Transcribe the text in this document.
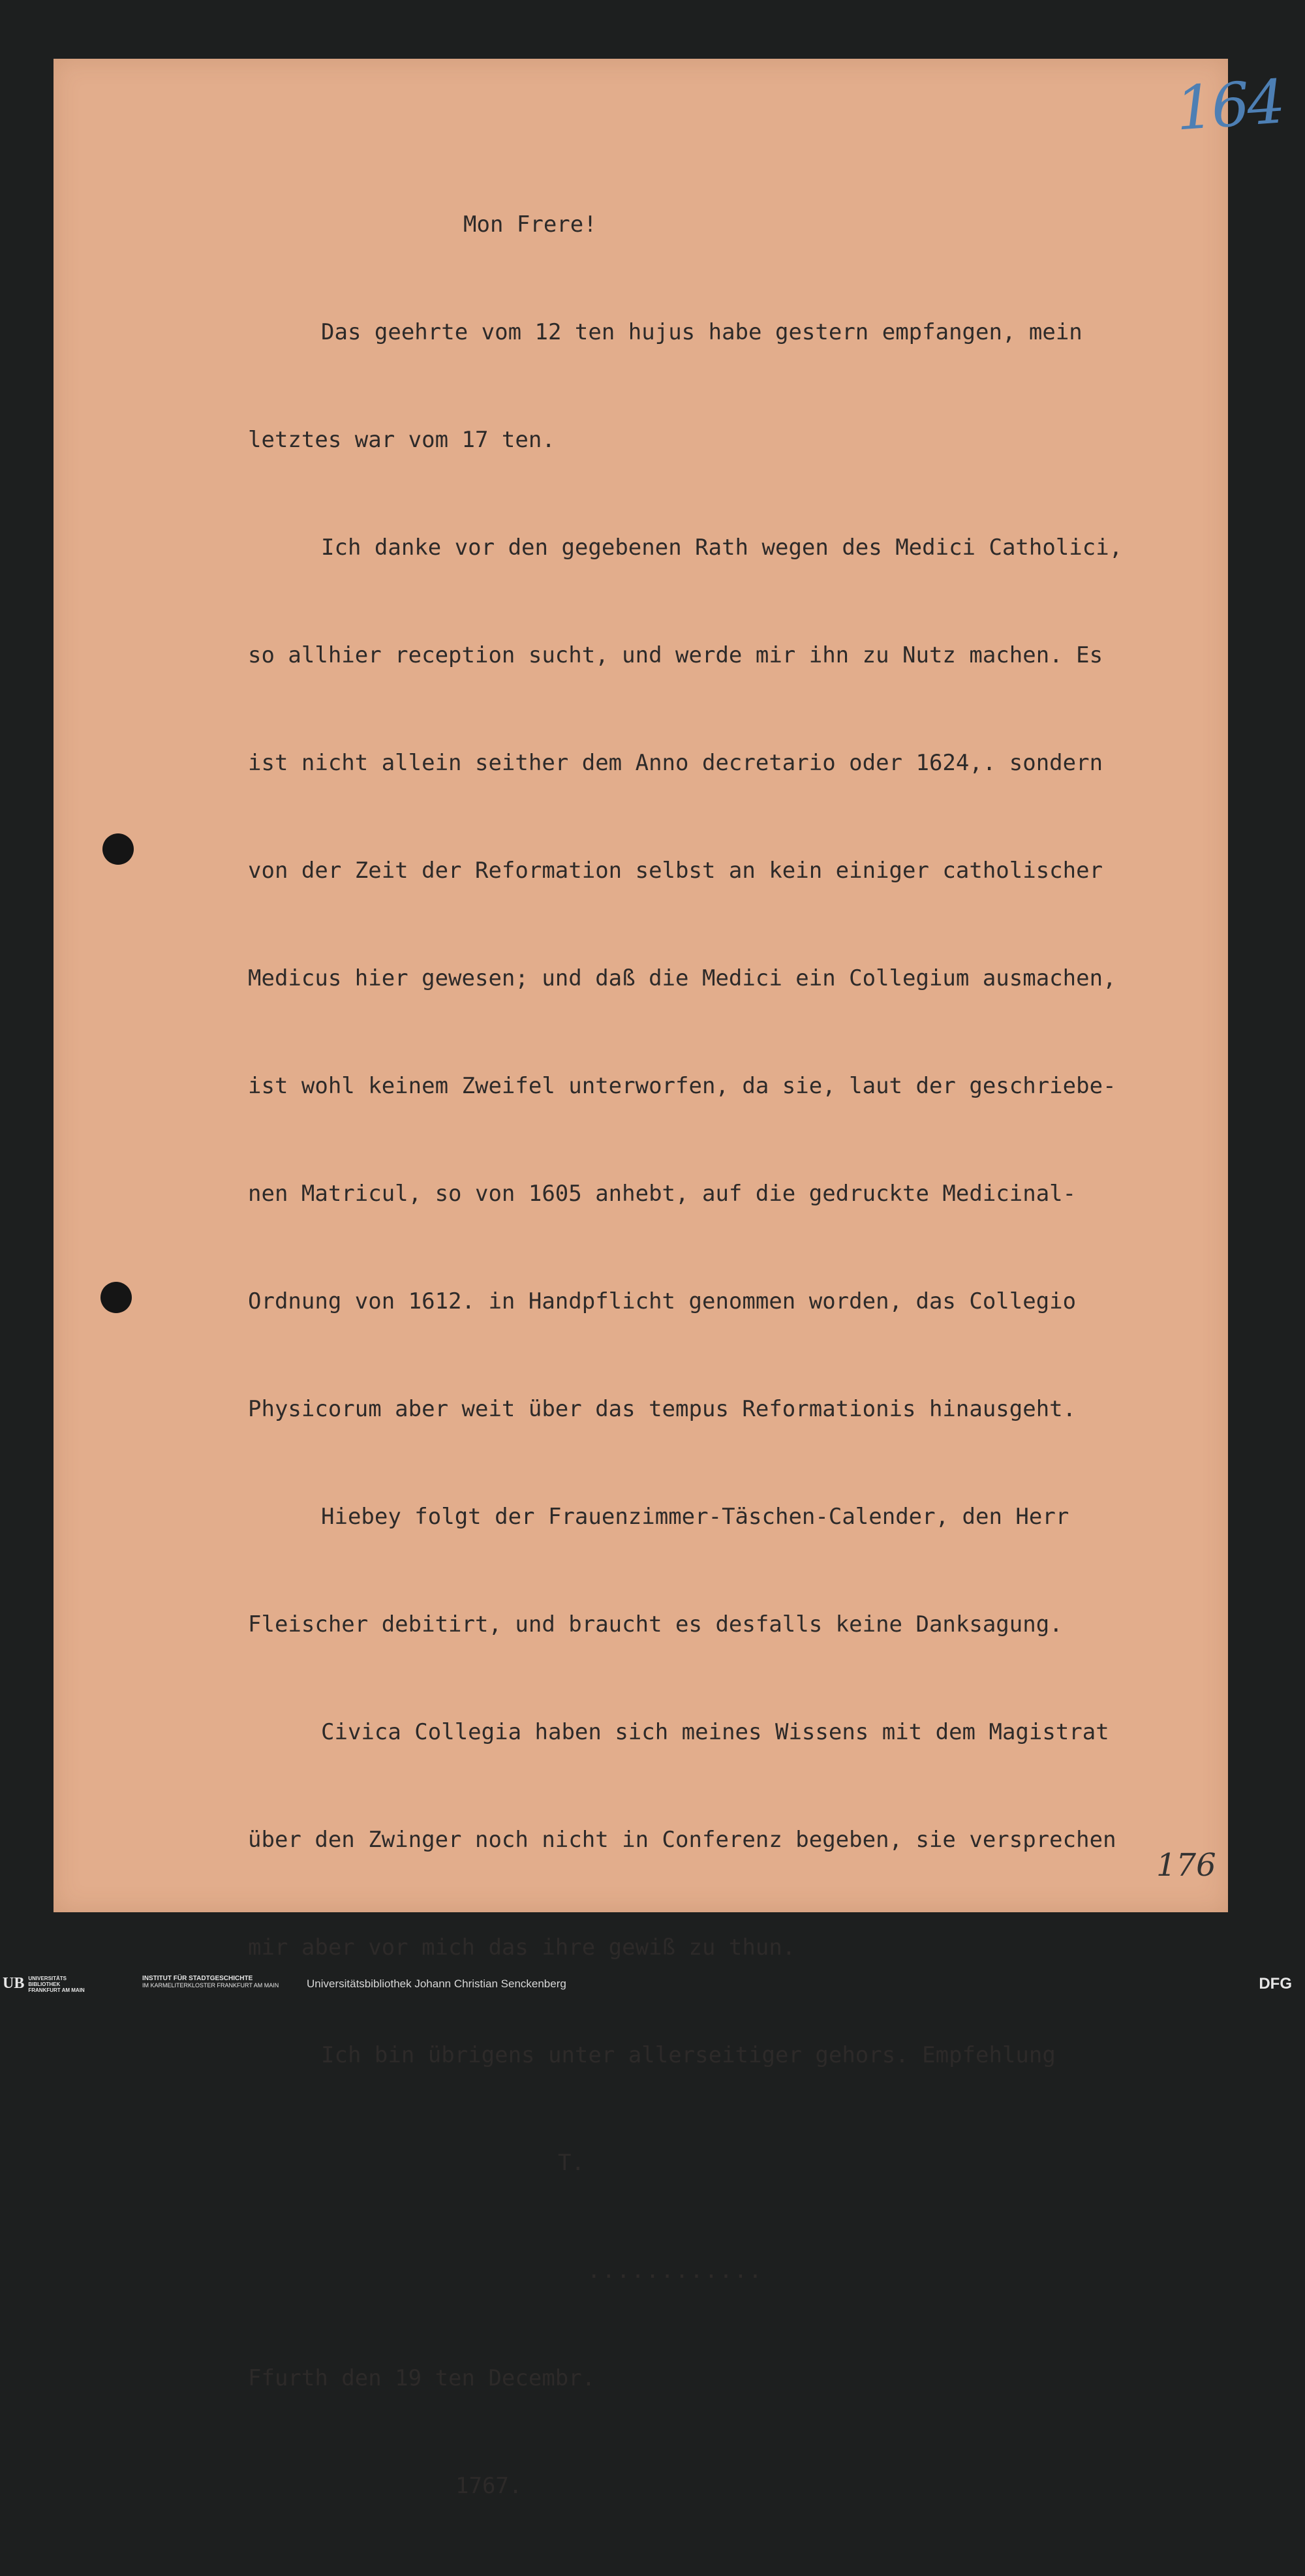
164

Mon Frere!

Das geehrte vom 12 ten hujus habe gestern empfangen, mein

letztes war vom 17 ten.

Ich danke vor den gegebenen Rath wegen des Medici Catholici,

so allhier reception sucht, und werde mir ihn zu Nutz machen. Es

ist nicht allein seither dem Anno decretario oder 1624,. sondern

von der Zeit der Reformation selbst an kein einiger catholischer

Medicus hier gewesen; und daß die Medici ein Collegium ausmachen,

ist wohl keinem Zweifel unterworfen, da sie, laut der geschriebe-

nen Matricul, so von 1605 anhebt, auf die gedruckte Medicinal-

Ordnung von 1612. in Handpflicht genommen worden, das Collegio

Physicorum aber weit über das tempus Reformationis hinausgeht.

Hiebey folgt der Frauenzimmer-Täschen-Calender, den Herr

Fleischer debitirt, und braucht es desfalls keine Danksagung.

Civica Collegia haben sich meines Wissens mit dem Magistrat

über den Zwinger noch nicht in Conferenz begeben, sie versprechen

mir aber vor mich das ihre gewiß zu thun.

Ich bin übrigens unter allerseitiger gehors. Empfehlung

T.

............

Ffurth den 19 ten Decembr.

1767.

176
UB UNIVERSITÄTS BIBLIOTHEK FRANKFURT AM MAIN
INSTITUT FÜR STADTGESCHICHTE
IM KARMELITERKLOSTER FRANKFURT AM MAIN	Universitätsbibliothek Johann Christian Senckenberg	DFG
